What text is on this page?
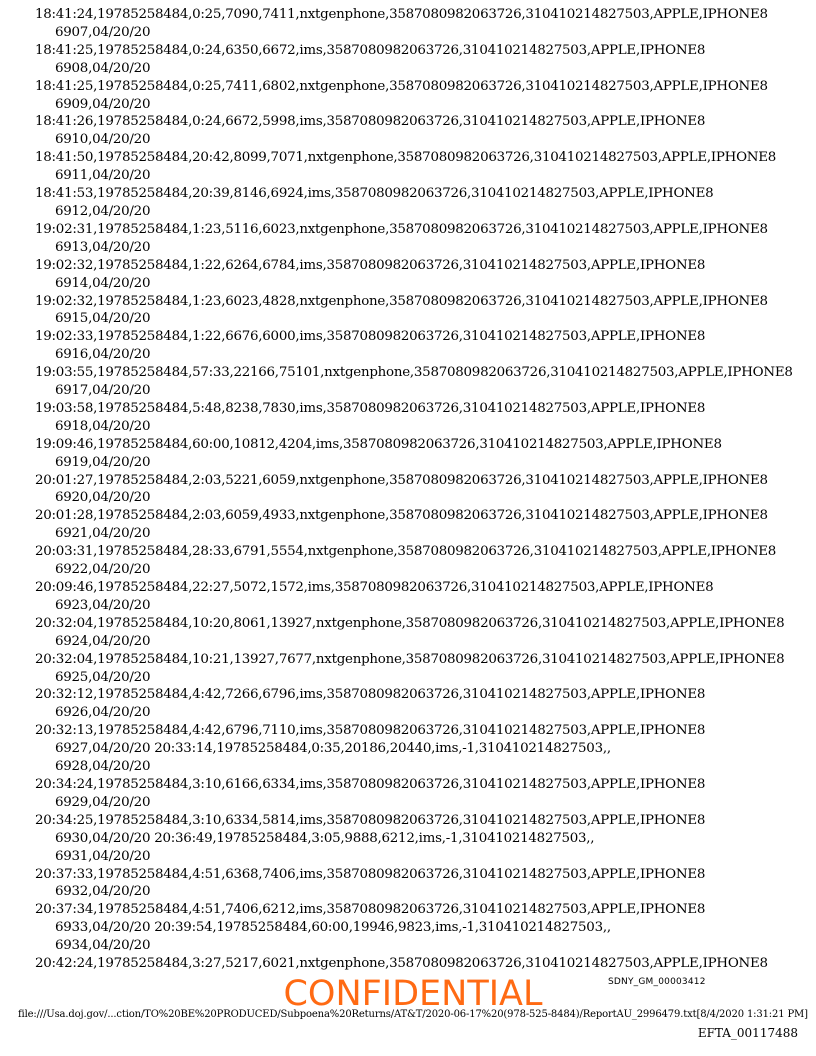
18:41:24,19785258484,0:25,7090,7411,nxtgenphone,3587080982063726,310410214827503,APPLE,IPHONE8
6907,04/20/20
18:41:25,19785258484,0:24,6350,6672,ims,3587080982063726,310410214827503,APPLE,IPHONE8
6908,04/20/20
18:41:25,19785258484,0:25,7411,6802,nxtgenphone,3587080982063726,310410214827503,APPLE,IPHONE8
6909,04/20/20
18:41:26,19785258484,0:24,6672,5998,ims,3587080982063726,310410214827503,APPLE,IPHONE8
6910,04/20/20
18:41:50,19785258484,20:42,8099,7071,nxtgenphone,3587080982063726,310410214827503,APPLE,IPHONE8
6911,04/20/20
18:41:53,19785258484,20:39,8146,6924,ims,3587080982063726,310410214827503,APPLE,IPHONE8
6912,04/20/20
19:02:31,19785258484,1:23,5116,6023,nxtgenphone,3587080982063726,310410214827503,APPLE,IPHONE8
6913,04/20/20
19:02:32,19785258484,1:22,6264,6784,ims,3587080982063726,310410214827503,APPLE,IPHONE8
6914,04/20/20
19:02:32,19785258484,1:23,6023,4828,nxtgenphone,3587080982063726,310410214827503,APPLE,IPHONE8
6915,04/20/20
19:02:33,19785258484,1:22,6676,6000,ims,3587080982063726,310410214827503,APPLE,IPHONE8
6916,04/20/20
19:03:55,19785258484,57:33,22166,75101,nxtgenphone,3587080982063726,310410214827503,APPLE,IPHONE8
6917,04/20/20
19:03:58,19785258484,5:48,8238,7830,ims,3587080982063726,310410214827503,APPLE,IPHONE8
6918,04/20/20
19:09:46,19785258484,60:00,10812,4204,ims,3587080982063726,310410214827503,APPLE,IPHONE8
6919,04/20/20
20:01:27,19785258484,2:03,5221,6059,nxtgenphone,3587080982063726,310410214827503,APPLE,IPHONE8
6920,04/20/20
20:01:28,19785258484,2:03,6059,4933,nxtgenphone,3587080982063726,310410214827503,APPLE,IPHONE8
6921,04/20/20
20:03:31,19785258484,28:33,6791,5554,nxtgenphone,3587080982063726,310410214827503,APPLE,IPHONE8
6922,04/20/20
20:09:46,19785258484,22:27,5072,1572,ims,3587080982063726,310410214827503,APPLE,IPHONE8
6923,04/20/20
20:32:04,19785258484,10:20,8061,13927,nxtgenphone,3587080982063726,310410214827503,APPLE,IPHONE8
6924,04/20/20
20:32:04,19785258484,10:21,13927,7677,nxtgenphone,3587080982063726,310410214827503,APPLE,IPHONE8
6925,04/20/20
20:32:12,19785258484,4:42,7266,6796,ims,3587080982063726,310410214827503,APPLE,IPHONE8
6926,04/20/20
20:32:13,19785258484,4:42,6796,7110,ims,3587080982063726,310410214827503,APPLE,IPHONE8
6927,04/20/20 20:33:14,19785258484,0:35,20186,20440,ims,-1,310410214827503,,
6928,04/20/20
20:34:24,19785258484,3:10,6166,6334,ims,3587080982063726,310410214827503,APPLE,IPHONE8
6929,04/20/20
20:34:25,19785258484,3:10,6334,5814,ims,3587080982063726,310410214827503,APPLE,IPHONE8
6930,04/20/20 20:36:49,19785258484,3:05,9888,6212,ims,-1,310410214827503,,
6931,04/20/20
20:37:33,19785258484,4:51,6368,7406,ims,3587080982063726,310410214827503,APPLE,IPHONE8
6932,04/20/20
20:37:34,19785258484,4:51,7406,6212,ims,3587080982063726,310410214827503,APPLE,IPHONE8
6933,04/20/20 20:39:54,19785258484,60:00,19946,9823,ims,-1,310410214827503,,
6934,04/20/20
20:42:24,19785258484,3:27,5217,6021,nxtgenphone,3587080982063726,310410214827503,APPLE,IPHONE8
CONFIDENTIAL	SDNY_GM_00003412
file:///Usa.doj.gov/...ction/TO%20BE%20PRODUCED/Subpoena%20Returns/AT&T/2020-06-17%20(978-525-8484)/ReportAU_2996479.txt[8/4/2020 1:31:21 PM]
EFTA_00117488
